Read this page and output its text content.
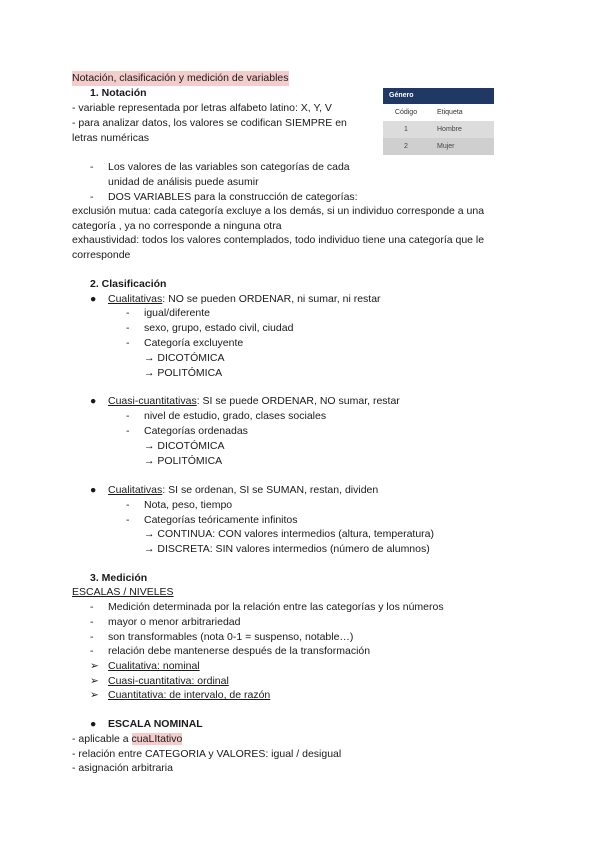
Notación, clasificación y medición de variables
1. Notación
- variable representada por letras alfabeto latino: X, Y, V
- para analizar datos, los valores se codifican SIEMPRE en
letras numéricas
- Los valores de las variables son categorías de cada
unidad de análisis puede asumir
- DOS VARIABLES para la construcción de categorías:
exclusión mutua: cada categoría excluye a los demás, si un individuo corresponde a una
categoría , ya no corresponde a ninguna otra
exhaustividad: todos los valores contemplados, todo individuo tiene una categoría que le
corresponde
Género
Código	Etiqueta
1	Hombre
2	Mujer
2. Clasificación
● Cualitativas: NO se pueden ORDENAR, ni sumar, ni restar
- igual/diferente
- sexo, grupo, estado civil, ciudad
- Categoría excluyente
→ DICOTÓMICA
→ POLITÓMICA
● Cuasi-cuantitativas: SI se puede ORDENAR, NO sumar, restar
- nivel de estudio, grado, clases sociales
- Categorías ordenadas
→ DICOTÓMICA
→ POLITÓMICA
● Cualitativas: SI se ordenan, SI se SUMAN, restan, dividen
- Nota, peso, tiempo
- Categorías teóricamente infinitos
→ CONTINUA: CON valores intermedios (altura, temperatura)
→ DISCRETA: SIN valores intermedios (número de alumnos)
3. Medición
ESCALAS / NIVELES
- Medición determinada por la relación entre las categorías y los números
- mayor o menor arbitrariedad
- son transformables (nota 0-1 = suspenso, notable…)
- relación debe mantenerse después de la transformación
➢ Cualitativa: nominal
➢ Cuasi-cuantitativa: ordinal
➢ Cuantitativa: de intervalo, de razón
● ESCALA NOMINAL
- aplicable a cuaLItativo
- relación entre CATEGORIA y VALORES: igual / desigual
- asignación arbitraria
